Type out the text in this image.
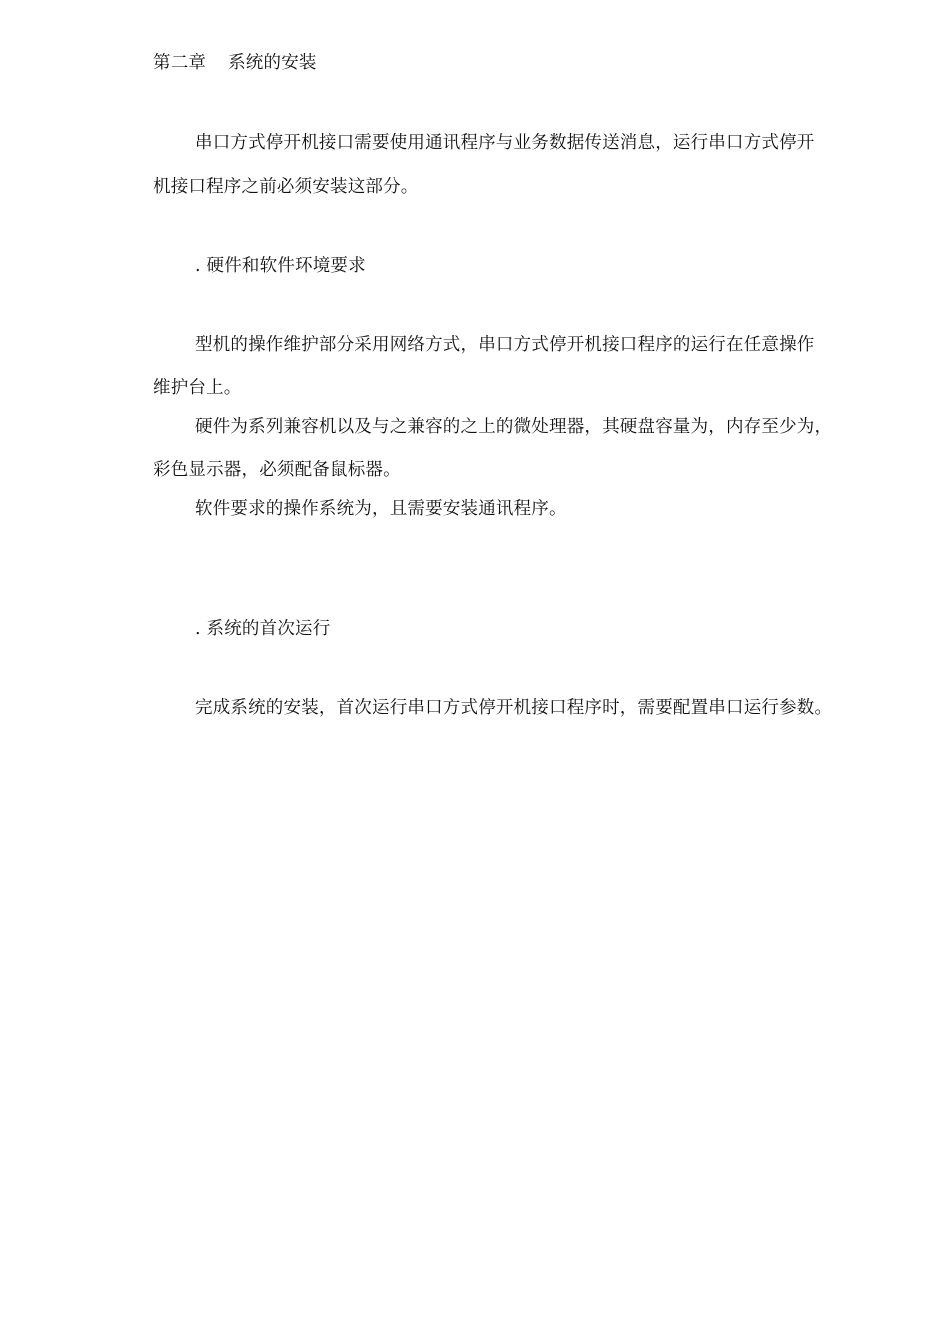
第二章 系统的安装
串口方式停开机接口需要使用通讯程序与业务数据传送消息，运行串口方式停开
机接口程序之前必须安装这部分。
. 硬件和软件环境要求
型机的操作维护部分采用网络方式，串口方式停开机接口程序的运行在任意操作
维护台上。
硬件为系列兼容机以及与之兼容的之上的微处理器，其硬盘容量为，内存至少为，
彩色显示器，必须配备鼠标器。
软件要求的操作系统为，且需要安装通讯程序。
. 系统的首次运行
完成系统的安装，首次运行串口方式停开机接口程序时，需要配置串口运行参数。
